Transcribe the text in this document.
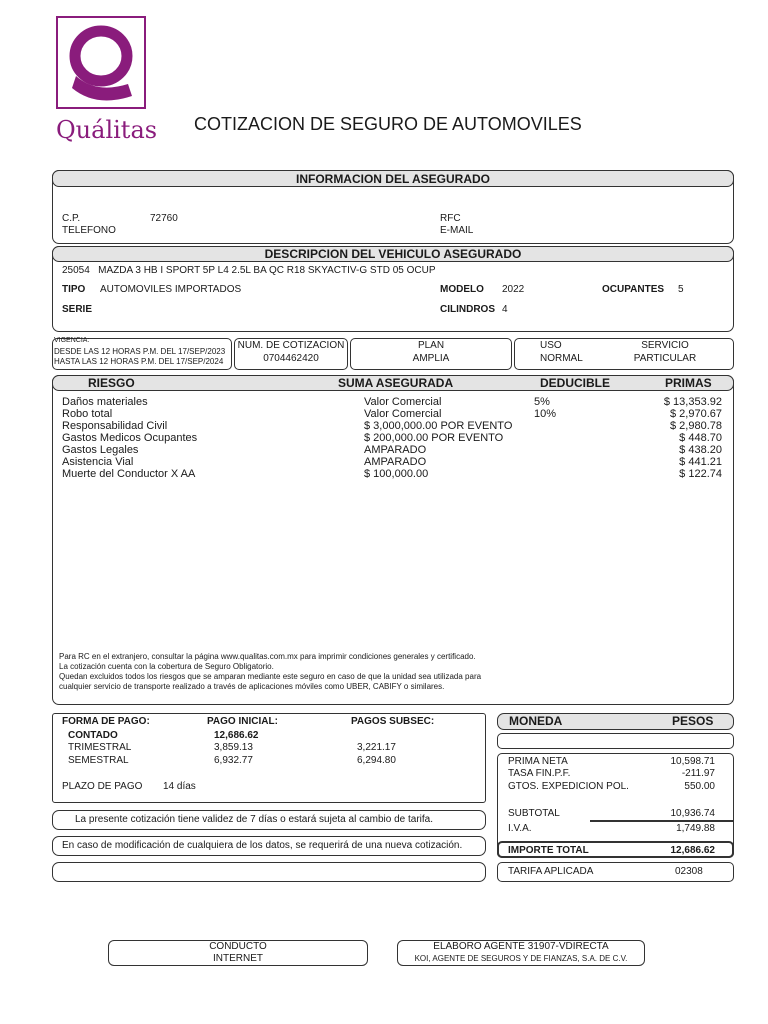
Quálitas COTIZACION DE SEGURO DE AUTOMOVILES
INFORMACION DEL ASEGURADO
C.P.	72760
TELEFONO
RFC
E-MAIL
DESCRIPCION DEL VEHICULO ASEGURADO
25054   MAZDA 3 HB I SPORT 5P L4 2.5L BA QC R18 SKYACTIV-G STD 05 OCUP
TIPO AUTOMOVILES IMPORTADOS	MODELO 2022	OCUPANTES 5
SERIE	CILINDROS 4
VIGENCIA:
DESDE LAS 12 HORAS P.M. DEL 17/SEP/2023
HASTA LAS 12 HORAS P.M. DEL 17/SEP/2024
NUM. DE COTIZACION
0704462420
PLAN
AMPLIA
USO
NORMAL
SERVICIO
PARTICULAR
RIESGO	SUMA ASEGURADA	DEDUCIBLE	PRIMAS
Daños materiales	Valor Comercial	5%	$ 13,353.92
Robo total	Valor Comercial	10%	$ 2,970.67
Responsabilidad Civil	$ 3,000,000.00 POR EVENTO	$ 2,980.78
Gastos Medicos Ocupantes	$ 200,000.00 POR EVENTO	$ 448.70
Gastos Legales	AMPARADO	$ 438.20
Asistencia Vial	AMPARADO	$ 441.21
Muerte del Conductor X AA	$ 100,000.00	$ 122.74
Para RC en el extranjero, consultar la página www.qualitas.com.mx para imprimir condiciones generales y certificado.
La cotización cuenta con la cobertura de Seguro Obligatorio.
Quedan excluidos todos los riesgos que se amparan mediante este seguro en caso de que la unidad sea utilizada para
cualquier servicio de transporte realizado a través de aplicaciones móviles como UBER, CABIFY o similares.
FORMA DE PAGO:	PAGO INICIAL:	PAGOS SUBSEC:
CONTADO	12,686.62
TRIMESTRAL	3,859.13	3,221.17
SEMESTRAL	6,932.77	6,294.80
PLAZO DE PAGO 14 días
La presente cotización tiene validez de 7 días o estará sujeta al cambio de tarifa.
En caso de modificación de cualquiera de los datos, se requerirá de una nueva cotización.
MONEDA	PESOS
PRIMA NETA	10,598.71
TASA FIN.P.F.	-211.97
GTOS. EXPEDICION POL.	550.00
SUBTOTAL	10,936.74
I.V.A.	1,749.88
IMPORTE TOTAL	12,686.62
TARIFA APLICADA	02308
CONDUCTO
INTERNET
ELABORO AGENTE 31907-VDIRECTA
KOI, AGENTE DE SEGUROS Y DE FIANZAS, S.A. DE C.V.
